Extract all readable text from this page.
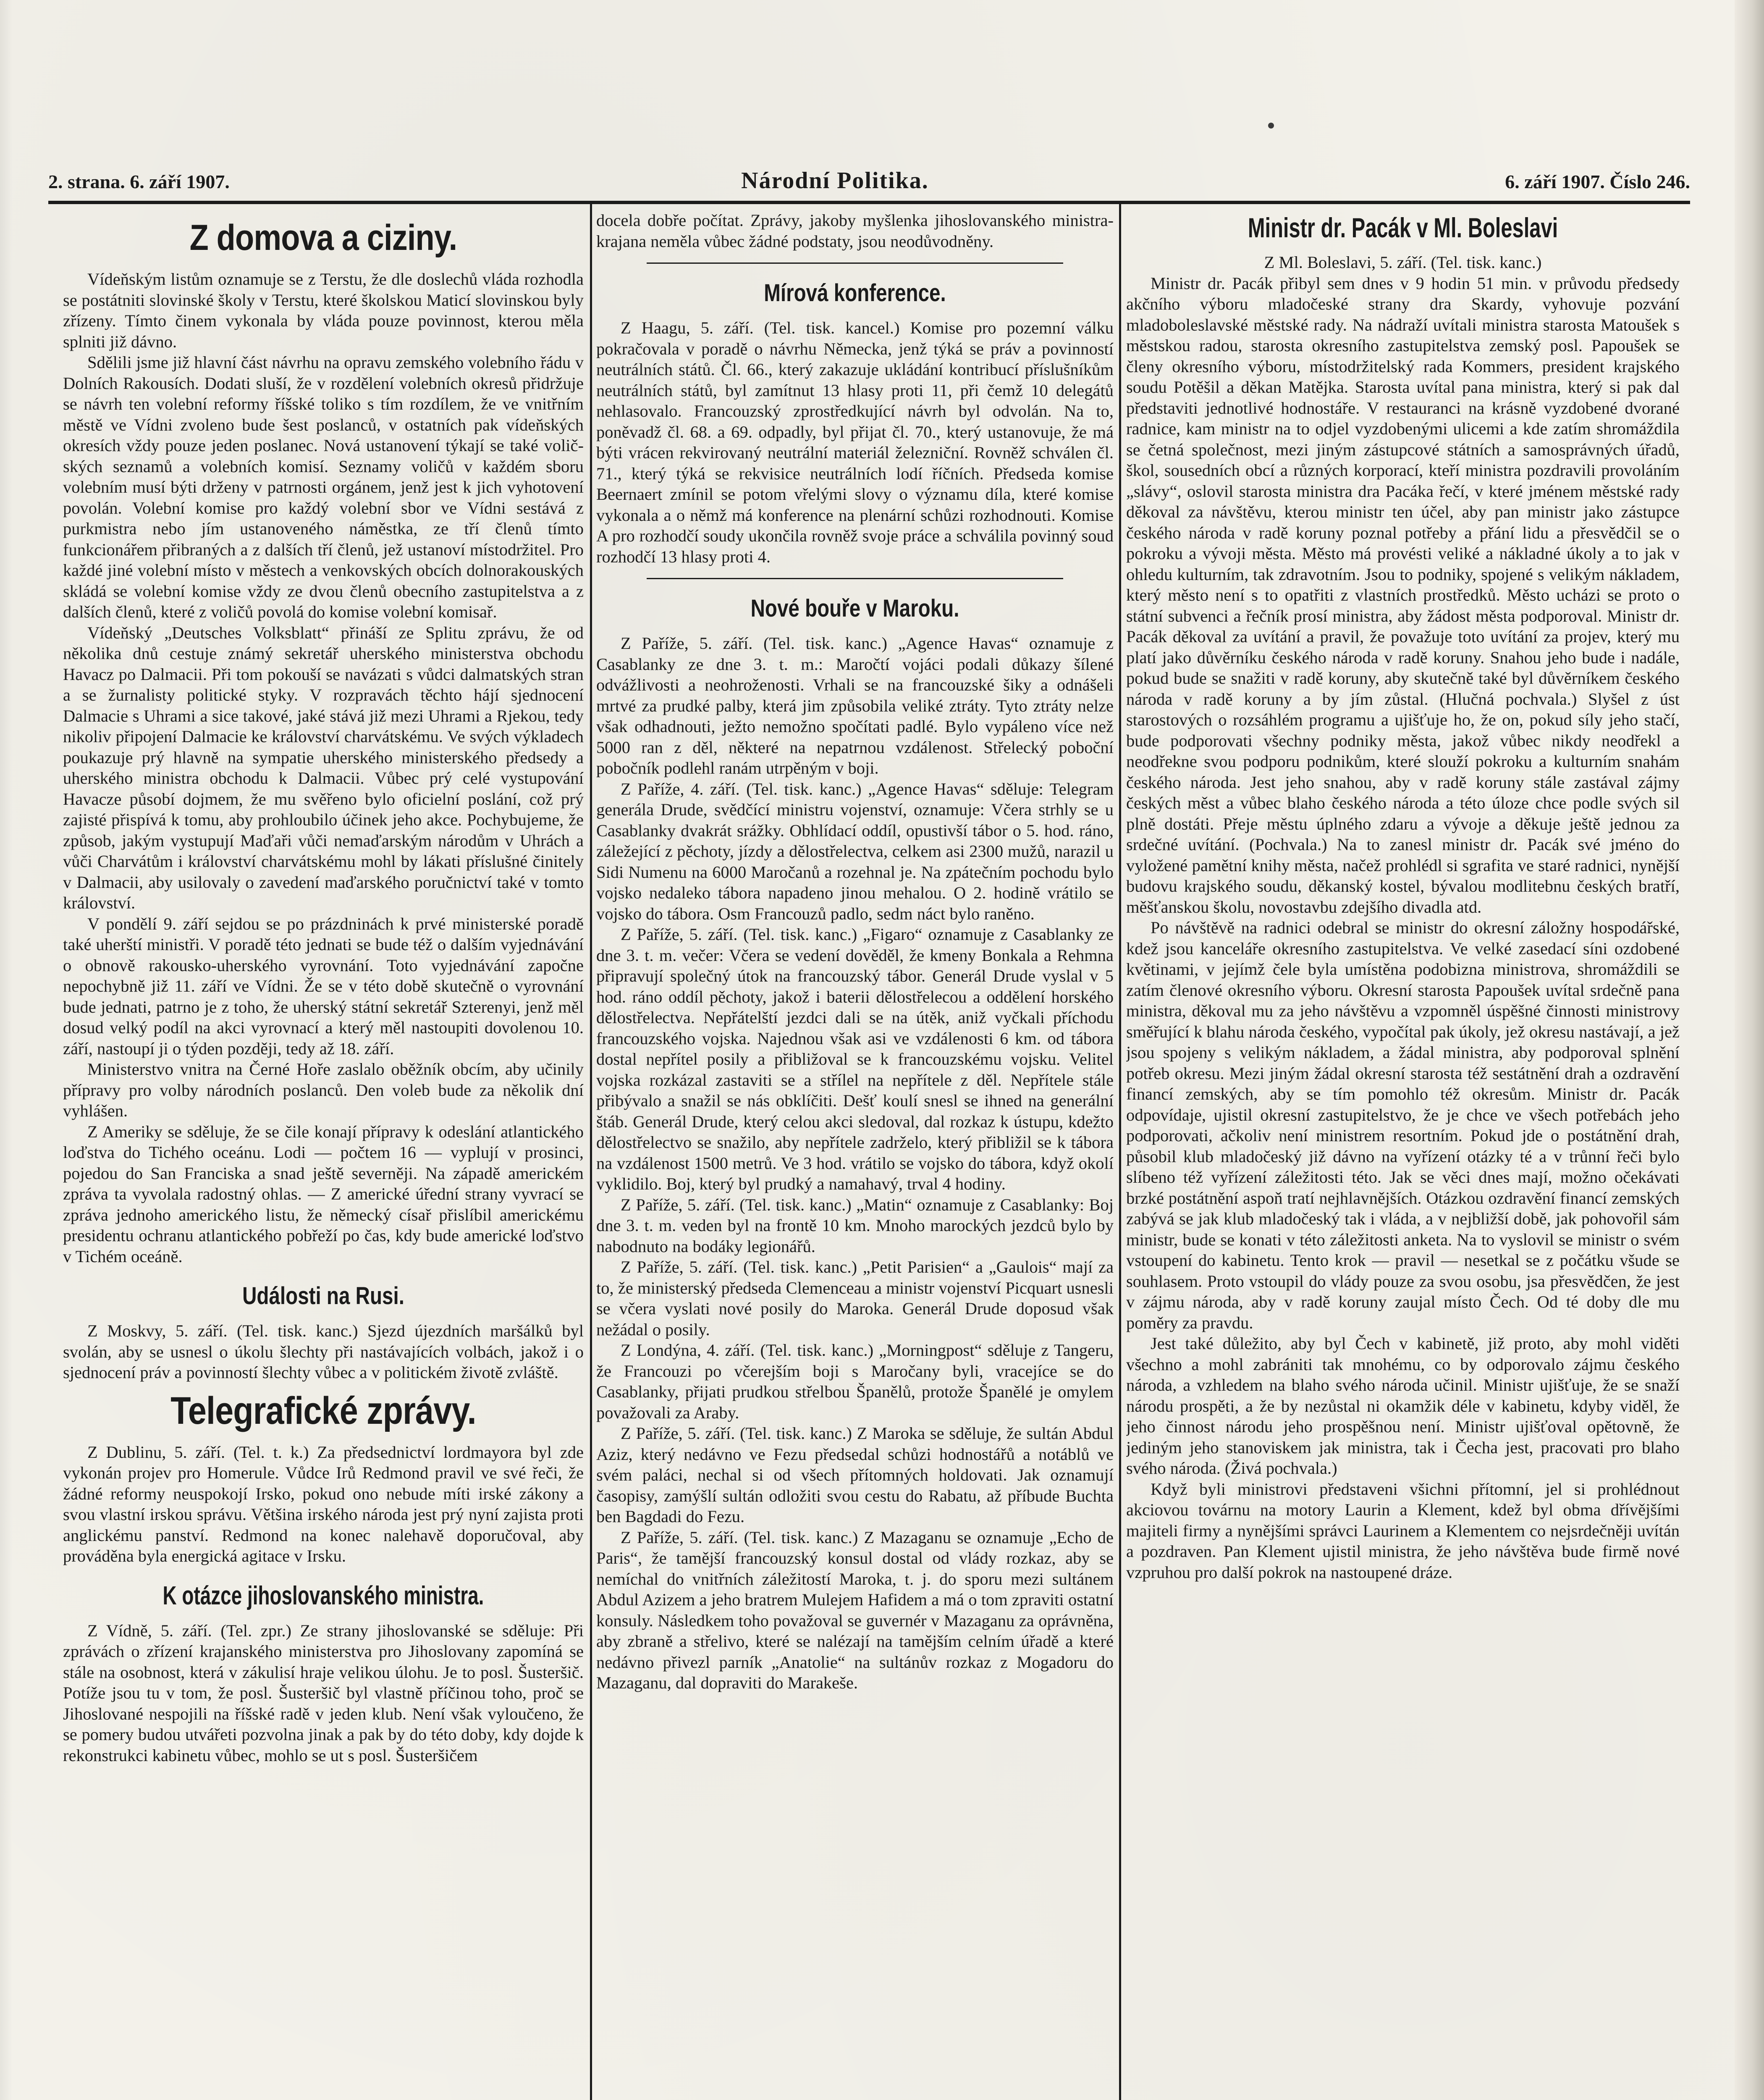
2. strana. 6. září 1907.	Národní Politika.	6. září 1907. Číslo 246.
Z domova a ciziny.

Vídeňským listům oznamuje se z Terstu, že dle doslechů vláda rozhodla se postátniti slovinské školy v Terstu, které školskou Maticí slovinskou byly zřízeny. Tímto činem vykonala by vláda pouze povinnost, kterou měla splniti již dávno.

Sdělili jsme již hlavní část návrhu na opravu zemského volebního řádu v Dolních Rakousích. Dodati sluší, že v rozdělení volebních okresů přidržuje se návrh ten volební reformy říšské toliko s tím rozdílem, že ve vnitřním městě ve Vídni zvoleno bude šest poslanců, v ostatních pak vídeňských okresích vždy pouze jeden poslanec. Nová ustanovení týkají se také voličských seznamů a volebních komisí. Seznamy voličů v každém sboru volebním musí býti drženy v patrnosti orgánem, jenž jest k jich vyhotovení povolán. Volební komise pro každý volební sbor ve Vídni sestává z purkmistra nebo jím ustanoveného náměstka, ze tří členů tímto funkcionářem přibraných a z dalších tří členů, jež ustanoví místodržitel. Pro každé jiné volební místo v městech a venkovských obcích dolnorakouských skládá se volební komise vždy ze dvou členů obecního zastupitelstva a z dalších členů, které z voličů povolá do komise volební komisař.

Vídeňský „Deutsches Volksblatt“ přináší ze Splitu zprávu, že od několika dnů cestuje známý sekretář uherského ministerstva obchodu Havacz po Dalmacii. Při tom pokouší se navázati s vůdci dalmatských stran a se žurnalisty politické styky. V rozpravách těchto hájí sjednocení Dalmacie s Uhrami a sice takové, jaké stává již mezi Uhrami a Rjekou, tedy nikoliv připojení Dalmacie ke království charvátskému. Ve svých výkladech poukazuje prý hlavně na sympatie uherského ministerského předsedy a uherského ministra obchodu k Dalmacii. Vůbec prý celé vystupování Havacze působí dojmem, že mu svěřeno bylo oficielní poslání, což prý zajisté přispívá k tomu, aby prohloubilo účinek jeho akce. Pochybujeme, že způsob, jakým vystupují Maďaři vůči nemaďarským národům v Uhrách a vůči Charvátům i království charvátskému mohl by lákati příslušné činitely v Dalmacii, aby usilovaly o zavedení maďarského poručnictví také v tomto království.

V pondělí 9. září sejdou se po prázdninách k prvé ministerské poradě také uherští ministři. V poradě této jednati se bude též o dalším vyjednávání o obnově rakousko-uherského vyrovnání. Toto vyjednávání započne nepochybně již 11. září ve Vídni. Že se v této době skutečně o vyrovnání bude jednati, patrno je z toho, že uherský státní sekretář Szterenyi, jenž měl dosud velký podíl na akci vyrovnací a který měl nastoupiti dovolenou 10. září, nastoupí ji o týden později, tedy až 18. září.

Ministerstvo vnitra na Černé Hoře zaslalo oběžník obcím, aby učinily přípravy pro volby národních poslanců. Den voleb bude za několik dní vyhlášen.

Z Ameriky se sděluje, že se čile konají přípravy k odeslání atlantického loďstva do Tichého oceánu. Lodi — počtem 16 — vyplují v prosinci, pojedou do San Franciska a snad ještě severněji. Na západě americkém zpráva ta vyvolala radostný ohlas. — Z americké úřední strany vyvrací se zpráva jednoho amerického listu, že německý císař přislíbil americkému presidentu ochranu atlantického pobřeží po čas, kdy bude americké loďstvo v Tichém oceáně.

Události na Rusi.

Z Moskvy, 5. září. (Tel. tisk. kanc.) Sjezd újezdních maršálků byl svolán, aby se usnesl o úkolu šlechty při nastávajících volbách, jakož i o sjednocení práv a povinností šlechty vůbec a v politickém životě zvláště.

Telegrafické zprávy.

Z Dublinu, 5. září. (Tel. t. k.) Za předsednictví lordmayora byl zde vykonán projev pro Homerule. Vůdce Irů Redmond pravil ve své řeči, že žádné reformy neuspokojí Irsko, pokud ono nebude míti irské zákony a svou vlastní irskou správu. Většina irského národa jest prý nyní zajista proti anglickému panství. Redmond na konec nalehavě doporučoval, aby prováděna byla energická agitace v Irsku.

K otázce jihoslovanského ministra.

Z Vídně, 5. září. (Tel. zpr.) Ze strany jihoslovanské se sděluje: Při zprávách o zřízení krajanského ministerstva pro Jihoslovany zapomíná se stále na osobnost, která v zákulisí hraje velikou úlohu. Je to posl. Šusteršič. Potíže jsou tu v tom, že posl. Šusteršič byl vlastně příčinou toho, proč se Jihoslované nespojili na říšské radě v jeden klub. Není však vyloučeno, že se pomery budou utvářeti pozvolna jinak a pak by do této doby, kdy dojde k rekonstrukci kabinetu vůbec, mohlo se ut s posl. Šusteršičem

docela dobře počítat. Zprávy, jakoby myšlenka jihoslovanského ministra-krajana neměla vůbec žádné podstaty, jsou neodůvodněny.

Mírová konference.

Z Haagu, 5. září. (Tel. tisk. kancel.) Komise pro pozemní válku pokračovala v poradě o návrhu Německa, jenž týká se práv a povinností neutrálních států. Čl. 66., který zakazuje ukládání kontribucí příslušníkům neutrálních států, byl zamítnut 13 hlasy proti 11, při čemž 10 delegátů nehlasovalo. Francouzský zprostředkující návrh byl odvolán. Na to, poněvadž čl. 68. a 69. odpadly, byl přijat čl. 70., který ustanovuje, že má býti vrácen rekvirovaný neutrální materiál železniční. Rovněž schválen čl. 71., který týká se rekvisice neutrálních lodí říčních. Předseda komise Beernaert zmínil se potom vřelými slovy o významu díla, které komise vykonala a o němž má konference na plenární schůzi rozhodnouti. Komise A pro rozhodčí soudy ukončila rovněž svoje práce a schválila povinný soud rozhodčí 13 hlasy proti 4.

Nové bouře v Maroku.

Z Paříže, 5. září. (Tel. tisk. kanc.) „Agence Havas“ oznamuje z Casablanky ze dne 3. t. m.: Maročtí vojáci podali důkazy šílené odvážlivosti a neohroženosti. Vrhali se na francouzské šiky a odnášeli mrtvé za prudké palby, která jim způsobila veliké ztráty. Tyto ztráty nelze však odhadnouti, ježto nemožno spočítati padlé. Bylo vypáleno více než 5000 ran z děl, některé na nepatrnou vzdálenost. Střelecký poboční pobočník podlehl ranám utrpěným v boji.

Z Paříže, 4. září. (Tel. tisk. kanc.) „Agence Havas“ sděluje: Telegram generála Drude, svědčící ministru vojenství, oznamuje: Včera strhly se u Casablanky dvakrát srážky. Obhlídací oddíl, opustivší tábor o 5. hod. ráno, záležející z pěchoty, jízdy a dělostřelectva, celkem asi 2300 mužů, narazil u Sidi Numenu na 6000 Maročanů a rozehnal je. Na zpátečním pochodu bylo vojsko nedaleko tábora napadeno jinou mehalou. O 2. hodině vrátilo se vojsko do tábora. Osm Francouzů padlo, sedm náct bylo raněno.

Z Paříže, 5. září. (Tel. tisk. kanc.) „Figaro“ oznamuje z Casablanky ze dne 3. t. m. večer: Včera se vedení dověděl, že kmeny Bonkala a Rehmna připravují společný útok na francouzský tábor. Generál Drude vyslal v 5 hod. ráno oddíl pěchoty, jakož i baterii dělostřelecou a oddělení horského dělostřelectva. Nepřátelští jezdci dali se na útěk, aniž vyčkali příchodu francouzského vojska. Najednou však asi ve vzdálenosti 6 km. od tábora dostal nepřítel posily a přibližoval se k francouzskému vojsku. Velitel vojska rozkázal zastaviti se a střílel na nepřítele z děl. Nepřítele stále přibývalo a snažil se nás obklíčiti. Dešť koulí snesl se ihned na generální štáb. Generál Drude, který celou akci sledoval, dal rozkaz k ústupu, kdežto dělostřelectvo se snažilo, aby nepřítele zadrželo, který přibližil se k tábora na vzdálenost 1500 metrů. Ve 3 hod. vrátilo se vojsko do tábora, když okolí vyklidilo. Boj, který byl prudký a namahavý, trval 4 hodiny.

Z Paříže, 5. září. (Tel. tisk. kanc.) „Matin“ oznamuje z Casablanky: Boj dne 3. t. m. veden byl na frontě 10 km. Mnoho marockých jezdců bylo by nabodnuto na bodáky legionářů.

Z Paříže, 5. září. (Tel. tisk. kanc.) „Petit Parisien“ a „Gaulois“ mají za to, že ministerský předseda Clemenceau a ministr vojenství Picquart usnesli se včera vyslati nové posily do Maroka. Generál Drude doposud však nežádal o posily.

Z Londýna, 4. září. (Tel. tisk. kanc.) „Morningpost“ sděluje z Tangeru, že Francouzi po včerejším boji s Maročany byli, vracejíce se do Casablanky, přijati prudkou střelbou Španělů, protože Španělé je omylem považovali za Araby.

Z Paříže, 5. září. (Tel. tisk. kanc.) Z Maroka se sděluje, že sultán Abdul Aziz, který nedávno ve Fezu předsedal schůzi hodnostářů a notáblů ve svém paláci, nechal si od všech přítomných holdovati. Jak oznamují časopisy, zamýšlí sultán odložiti svou cestu do Rabatu, až příbude Buchta ben Bagdadi do Fezu.

Z Paříže, 5. září. (Tel. tisk. kanc.) Z Mazaganu se oznamuje „Echo de Paris“, že tamější francouzský konsul dostal od vlády rozkaz, aby se nemíchal do vnitřních záležitostí Maroka, t. j. do sporu mezi sultánem Abdul Azizem a jeho bratrem Mulejem Hafidem a má o tom zpraviti ostatní konsuly. Následkem toho považoval se guvernér v Mazaganu za oprávněna, aby zbraně a střelivo, které se nalézají na tamějším celním úřadě a které nedávno přivezl parník „Anatolie“ na sultánův rozkaz z Mogadoru do Mazaganu, dal dopraviti do Marakeše.

Ministr dr. Pacák v Ml. Boleslavi

Z Ml. Boleslavi, 5. září. (Tel. tisk. kanc.)

Ministr dr. Pacák přibyl sem dnes v 9 hodin 51 min. v průvodu předsedy akčního výboru mladočeské strany dra Skardy, vyhovuje pozvání mladoboleslavské městské rady. Na nádraží uvítali ministra starosta Matoušek s městskou radou, starosta okresního zastupitelstva zemský posl. Papoušek se členy okresního výboru, místodržitelský rada Kommers, president krajského soudu Potěšil a děkan Matějka. Starosta uvítal pana ministra, který si pak dal představiti jednotlivé hodnostáře. V restauranci na krásně vyzdobené dvorané radnice, kam ministr na to odjel vyzdobenými ulicemi a kde zatím shromáždila se četná společnost, mezi jiným zástupcové státních a samosprávných úřadů, škol, sousedních obcí a různých korporací, kteří ministra pozdravili provoláním „slávy“, oslovil starosta ministra dra Pacáka řečí, v které jménem městské rady děkoval za návštěvu, kterou ministr ten účel, aby pan ministr jako zástupce českého národa v radě koruny poznal potřeby a přání lidu a přesvědčil se o pokroku a vývoji města. Město má provésti veliké a nákladné úkoly a to jak v ohledu kulturním, tak zdravotním. Jsou to podniky, spojené s velikým nákladem, který město není s to opatřiti z vlastních prostředků. Město ucházi se proto o státní subvenci a řečník prosí ministra, aby žádost města podporoval. Ministr dr. Pacák děkoval za uvítání a pravil, že považuje toto uvítání za projev, který mu platí jako důvěrníku českého národa v radě koruny. Snahou jeho bude i nadále, pokud bude se snažiti v radě koruny, aby skutečně také byl důvěrníkem českého národa v radě koruny a by jím zůstal. (Hlučná pochvala.) Slyšel z úst starostových o rozsáhlém programu a ujišťuje ho, že on, pokud síly jeho stačí, bude podporovati všechny podniky města, jakož vůbec nikdy neodřekl a neodřekne svou podporu podnikům, které slouží pokroku a kulturním snahám českého národa. Jest jeho snahou, aby v radě koruny stále zastával zájmy českých měst a vůbec blaho českého národa a této úloze chce podle svých sil plně dostáti. Přeje městu úplného zdaru a vývoje a děkuje ještě jednou za srdečné uvítání. (Pochvala.) Na to zanesl ministr dr. Pacák své jméno do vyložené pamětní knihy města, načež prohlédl si sgrafita ve staré radnici, nynější budovu krajského soudu, děkanský kostel, bývalou modlitebnu českých bratří, měšťanskou školu, novostavbu zdejšího divadla atd.

Po návštěvě na radnici odebral se ministr do okresní záložny hospodářské, kdež jsou kanceláře okresního zastupitelstva. Ve velké zasedací síni ozdobené květinami, v jejímž čele byla umístěna podobizna ministrova, shromáždili se zatím členové okresního výboru. Okresní starosta Papoušek uvítal srdečně pana ministra, děkoval mu za jeho návštěvu a vzpomněl úspěšné činnosti ministrovy směřující k blahu národa českého, vypočítal pak úkoly, jež okresu nastávají, a jež jsou spojeny s velikým nákladem, a žádal ministra, aby podporoval splnění potřeb okresu. Mezi jiným žádal okresní starosta též sestátnění drah a ozdravění financí zemských, aby se tím pomohlo též okresům. Ministr dr. Pacák odpovídaje, ujistil okresní zastupitelstvo, že je chce ve všech potřebách jeho podporovati, ačkoliv není ministrem resortním. Pokud jde o postátnění drah, působil klub mladočeský již dávno na vyřízení otázky té a v trůnní řeči bylo slíbeno též vyřízení záležitosti této. Jak se věci dnes mají, možno očekávati brzké postátnění aspoň tratí nejhlavnějších. Otázkou ozdravění financí zemských zabývá se jak klub mladočeský tak i vláda, a v nejbližší době, jak pohovořil sám ministr, bude se konati v této záležitosti anketa. Na to vyslovil se ministr o svém vstoupení do kabinetu. Tento krok — pravil — nesetkal se z počátku všude se souhlasem. Proto vstoupil do vlády pouze za svou osobu, jsa přesvědčen, že jest v zájmu národa, aby v radě koruny zaujal místo Čech. Od té doby dle mu poměry za pravdu.

Jest také důležito, aby byl Čech v kabinetě, již proto, aby mohl viděti všechno a mohl zabrániti tak mnohému, co by odporovalo zájmu českého národa, a vzhledem na blaho svého národa učinil. Ministr ujišťuje, že se snaží národu prospěti, a že by nezůstal ni okamžik déle v kabinetu, kdyby viděl, že jeho činnost národu jeho prospěšnou není. Ministr ujišťoval opětovně, že jediným jeho stanoviskem jak ministra, tak i Čecha jest, pracovati pro blaho svého národa. (Živá pochvala.)

Když byli ministrovi představeni všichni přítomní, jel si prohlédnout akciovou továrnu na motory Laurin a Klement, kdež byl obma dřívějšími majiteli firmy a nynějšími správci Laurinem a Klementem co nejsrdečněji uvítán a pozdraven. Pan Klement ujistil ministra, že jeho návštěva bude firmě nové vzpruhou pro další pokrok na nastoupené dráze.
